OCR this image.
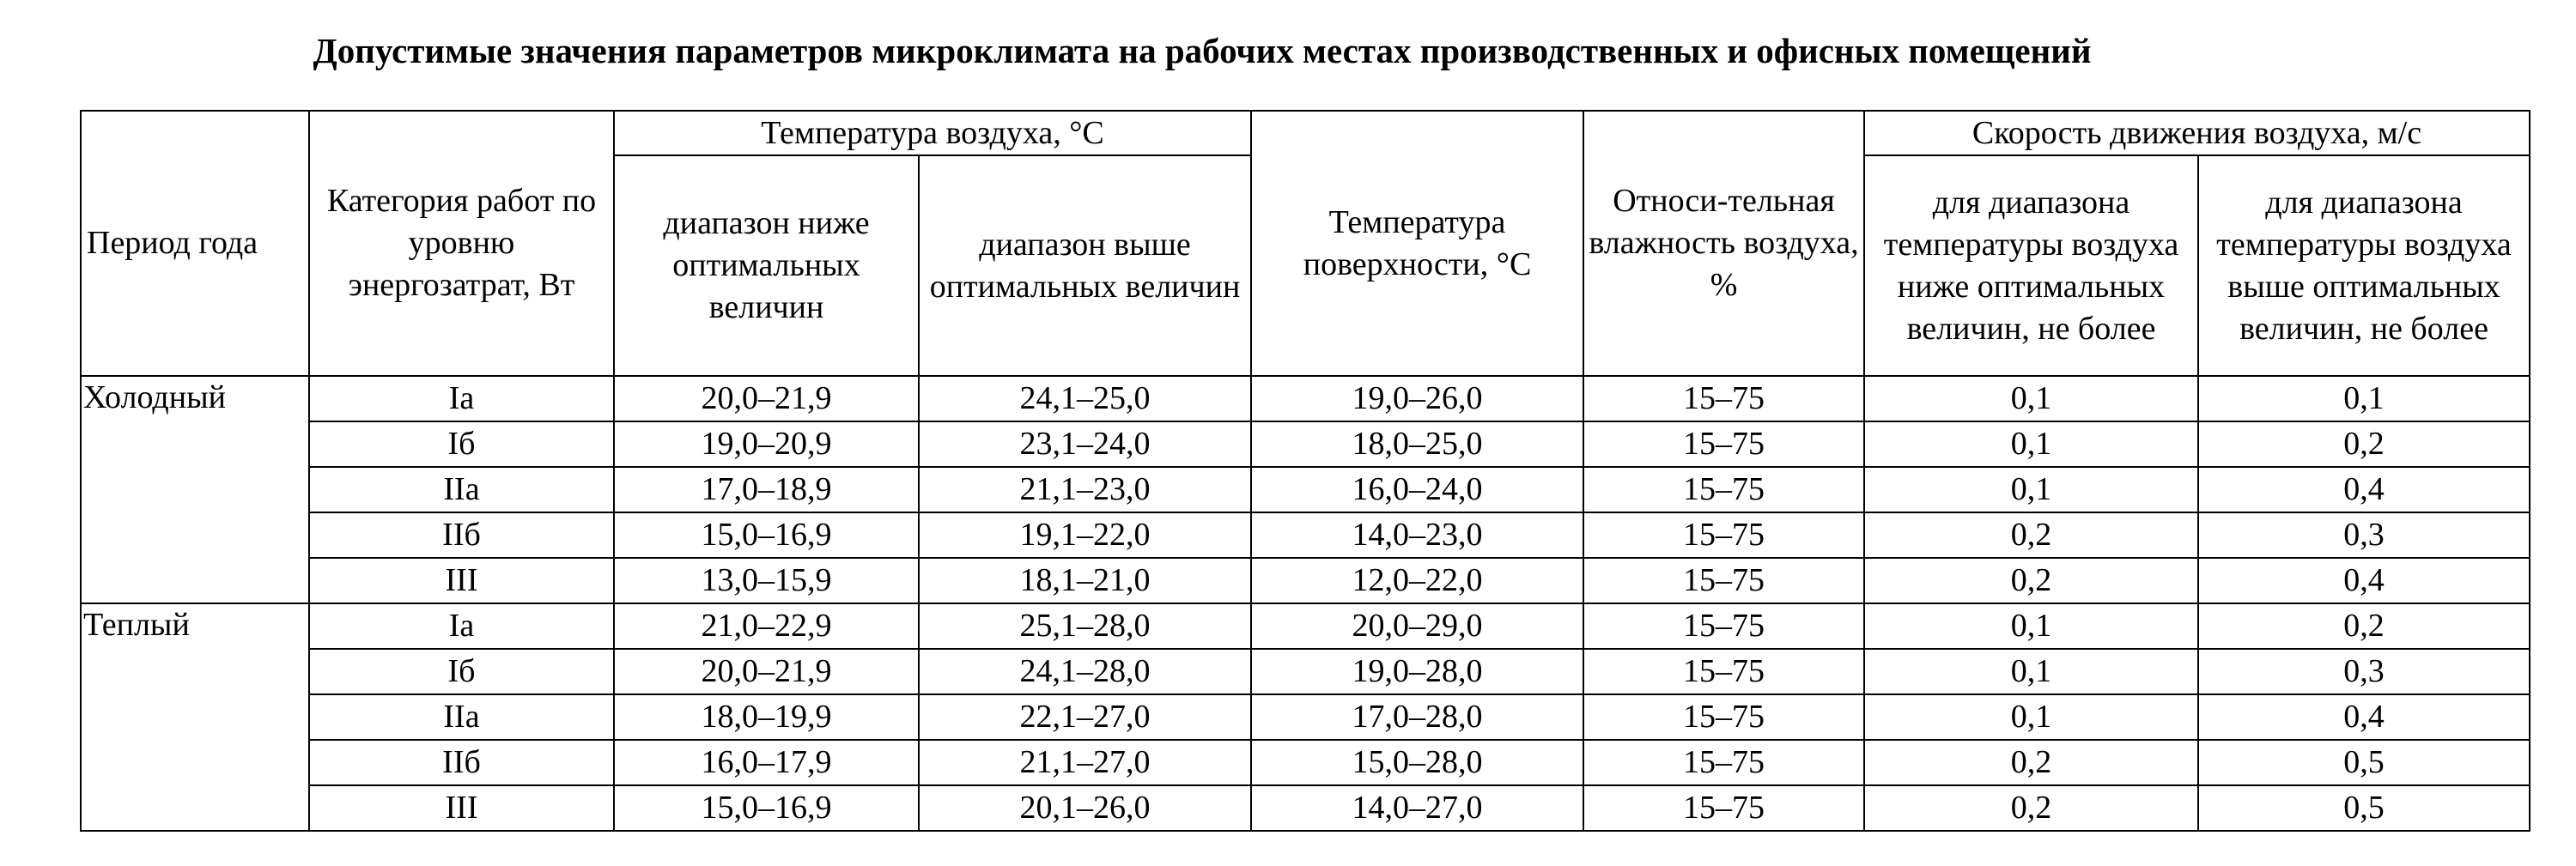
Допустимые значения параметров микроклимата на рабочих местах производственных и офисных помещений
Период года	Категория работ по уровню энергозатрат, Вт	Температура воздуха, °С		Температура поверхности, °С	Относи-тельная влажность воздуха, %	Скорость движения воздуха, м/с	
		диапазон ниже оптимальных величин	диапазон выше оптимальных величин			для диапазона температуры воздуха ниже оптимальных величин, не более	для диапазона температуры воздуха выше оптимальных величин, не более
Холодный	Ia	20,0–21,9	24,1–25,0	19,0–26,0	15–75	0,1	0,1
	Iб	19,0–20,9	23,1–24,0	18,0–25,0	15–75	0,1	0,2
	IIa	17,0–18,9	21,1–23,0	16,0–24,0	15–75	0,1	0,4
	IIб	15,0–16,9	19,1–22,0	14,0–23,0	15–75	0,2	0,3
	III	13,0–15,9	18,1–21,0	12,0–22,0	15–75	0,2	0,4
Теплый	Ia	21,0–22,9	25,1–28,0	20,0–29,0	15–75	0,1	0,2
	Iб	20,0–21,9	24,1–28,0	19,0–28,0	15–75	0,1	0,3
	IIa	18,0–19,9	22,1–27,0	17,0–28,0	15–75	0,1	0,4
	IIб	16,0–17,9	21,1–27,0	15,0–28,0	15–75	0,2	0,5
	III	15,0–16,9	20,1–26,0	14,0–27,0	15–75	0,2	0,5
